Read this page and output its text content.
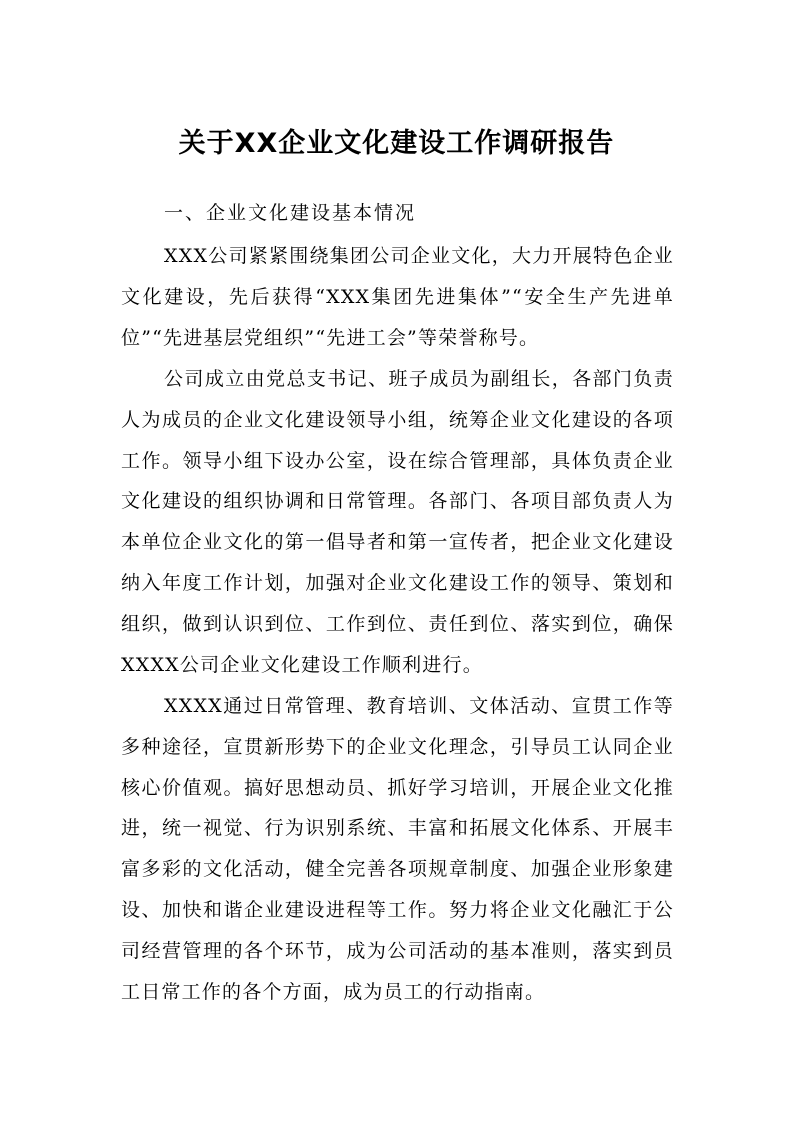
关于XX企业文化建设工作调研报告
一、企业文化建设基本情况

XXX公司紧紧围绕集团公司企业文化，大力开展特色企业文化建设，先后获得“XXX集团先进集体”“安全生产先进单位”“先进基层党组织”“先进工会”等荣誉称号。

公司成立由党总支书记、班子成员为副组长，各部门负责人为成员的企业文化建设领导小组，统筹企业文化建设的各项工作。领导小组下设办公室，设在综合管理部，具体负责企业文化建设的组织协调和日常管理。各部门、各项目部负责人为本单位企业文化的第一倡导者和第一宣传者，把企业文化建设纳入年度工作计划，加强对企业文化建设工作的领导、策划和组织，做到认识到位、工作到位、责任到位、落实到位，确保XXXX公司企业文化建设工作顺利进行。

XXXX通过日常管理、教育培训、文体活动、宣贯工作等多种途径，宣贯新形势下的企业文化理念，引导员工认同企业核心价值观。搞好思想动员、抓好学习培训，开展企业文化推进，统一视觉、行为识别系统、丰富和拓展文化体系、开展丰富多彩的文化活动，健全完善各项规章制度、加强企业形象建设、加快和谐企业建设进程等工作。努力将企业文化融汇于公司经营管理的各个环节，成为公司活动的基本准则，落实到员工日常工作的各个方面，成为员工的行动指南。
